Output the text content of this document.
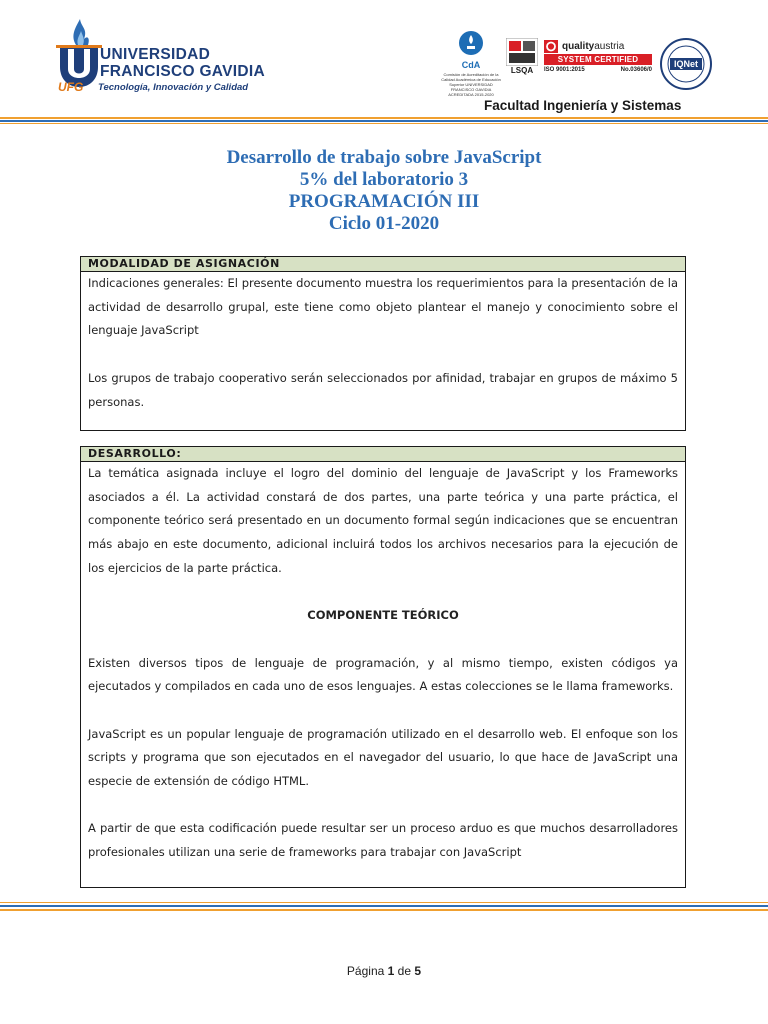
UFG
UNIVERSIDAD
FRANCISCO GAVIDIA
Tecnología, Innovación y Calidad
CdA
Comisión de Acreditación de la Calidad Académica de Educación Superior UNIVERSIDAD FRANCISCO GAVIDIA ACREDITADA 2015-2020
LSQA
qualityaustria
SYSTEM CERTIFIED
ISO 9001:2015	No.03606/0
IQNet
Facultad Ingeniería y Sistemas
Desarrollo de trabajo sobre JavaScript
5% del laboratorio 3
PROGRAMACIÓN III
Ciclo 01-2020
MODALIDAD DE ASIGNACIÓN

Indicaciones generales: El presente documento muestra los requerimientos para la presentación de la actividad de desarrollo grupal, este tiene como objeto plantear el manejo y conocimiento sobre el lenguaje JavaScript

Los grupos de trabajo cooperativo serán seleccionados por afinidad, trabajar en grupos de máximo 5 personas.

DESARROLLO:

La temática asignada incluye el logro del dominio del lenguaje de JavaScript y los Frameworks asociados a él. La actividad constará de dos partes, una parte teórica y una parte práctica, el componente teórico será presentado en un documento formal según indicaciones que se encuentran más abajo en este documento, adicional incluirá todos los archivos necesarios para la ejecución de los ejercicios de la parte práctica.

COMPONENTE TEÓRICO

Existen diversos tipos de lenguaje de programación, y al mismo tiempo, existen códigos ya ejecutados y compilados en cada uno de esos lenguajes. A estas colecciones se le llama frameworks.

JavaScript es un popular lenguaje de programación utilizado en el desarrollo web. El enfoque son los scripts y programa que son ejecutados en el navegador del usuario, lo que hace de JavaScript una especie de extensión de código HTML.

A partir de que esta codificación puede resultar ser un proceso arduo es que muchos desarrolladores profesionales utilizan una serie de frameworks para trabajar con JavaScript

Página 1 de 5
